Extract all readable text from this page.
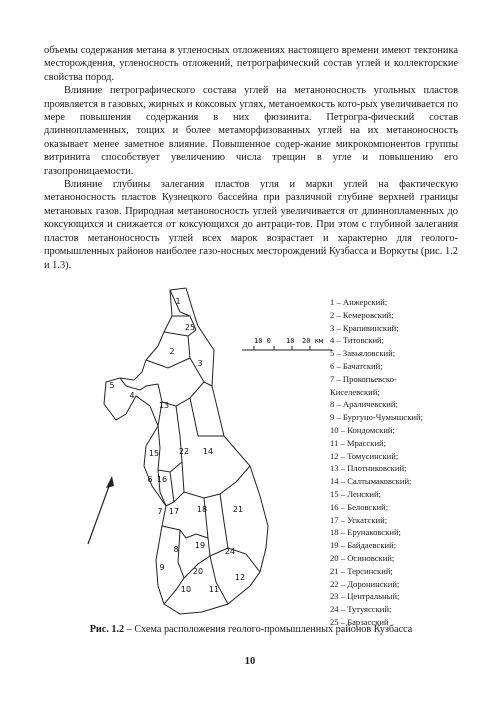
объемы содержания метана в угленосных отложениях настоящего времени имеют тектоника месторождения, угленосность отложений, петрографический состав углей и коллекторские свойства пород.

Влияние петрографического состава углей на метаноносность угольных пластов проявляется в газовых, жирных и коксовых углях, метаноемкость кото-рых увеличивается по мере повышения содержания в них фюзинита. Петрогра-фический состав длиннопламенных, тощих и более метаморфизованных углей на их метаноносность оказывает менее заметное влияние. Повышенное содер-жание микрокомпонентов группы витринита способствует увеличению числа трещин в угле и повышению его газопроницаемости.

Влияние глубины залегания пластов угля и марки углей на фактическую метаноносность пластов Кузнецкого бассейна при различной глубине верхней границы метановых газов. Природная метаноносность углей увеличивается от длиннопламенных до коксующихся и снижается от коксующихся до антраци-тов. При этом с глубиной залегания пластов метаноносность углей всех марок возрастает и характерно для геолого-промышленных районов наиболее газо-носных месторождений Кузбасса и Воркуты (рис. 1.2 и 1.3).

1
25
2
3
4
5
13
15 22 14
6 16
7 17 18	21
8 19
24
9	20
12
10 11
10 0 10 20 км
1 – Анжерский;
2 – Кемеровский;
3 – Крапивинский;
4 – Титовский;
5 – Завьяловский;
6 – Бачатский;
7 – Прокопьевско-
Киселевский;
8 – Араличевский;
9 – Бургуно-Чумышский;
10 – Кондомский;
11 – Мрасский;
12 – Томусинский;
13 – Плотниковский;
14 – Салтымаковский;
15 – Ленский;
16 – Беловский;
17 – Ускатский;
18 – Ерунаковский;
19 – Байдаевский;
20 – Осиновский;
21 – Терсинский;
22 – Доронинский;
23 – Центральный;
24 – Тутуясский;
25 – Барзасский
Рис. 1.2 – Схема расположения геолого-промышленных районов Кузбасса
10
